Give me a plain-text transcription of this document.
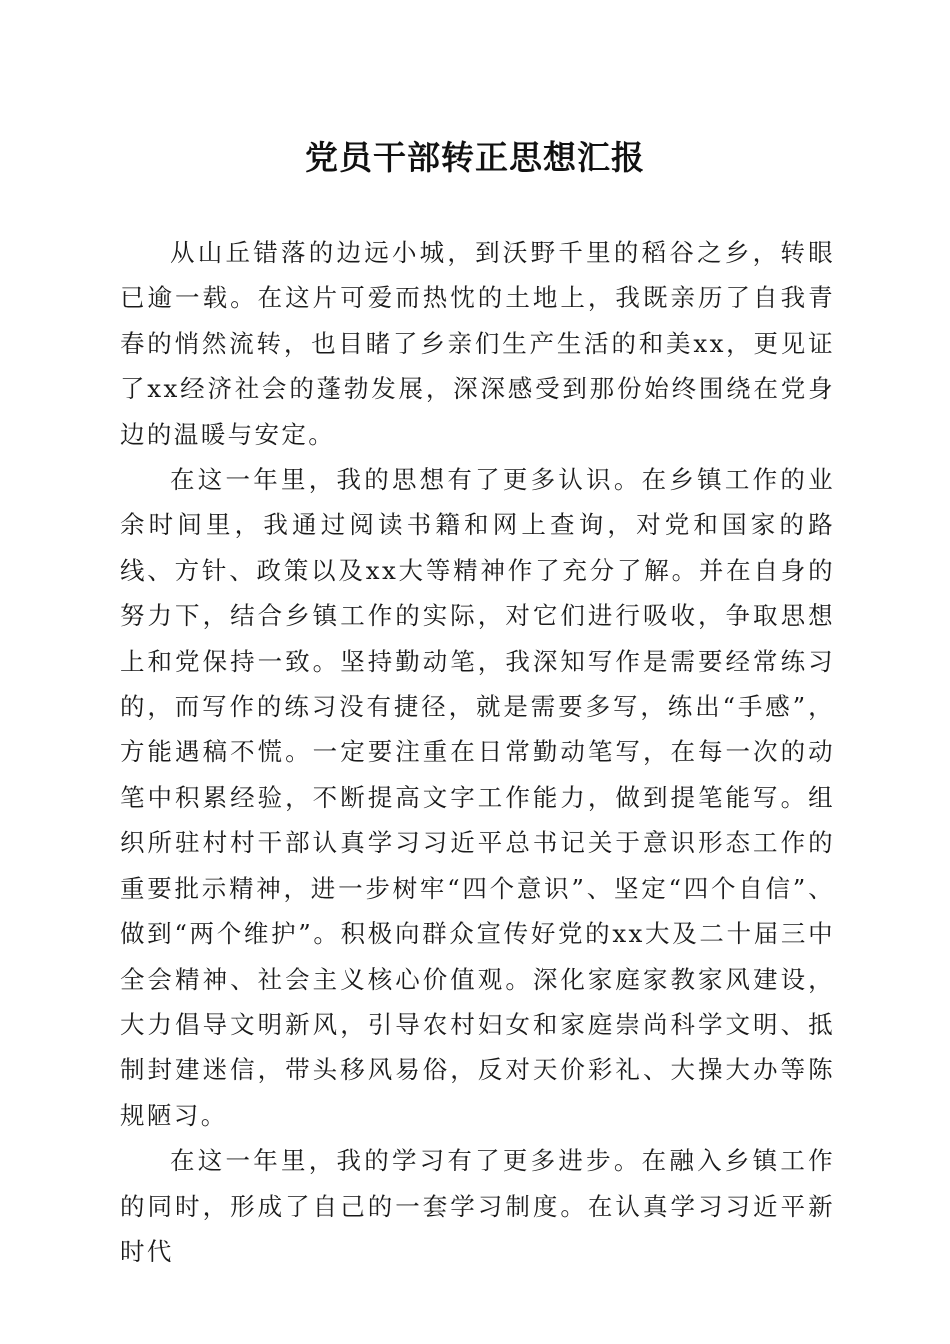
党员干部转正思想汇报

从山丘错落的边远小城，到沃野千里的稻谷之乡，转眼已逾一载。在这片可爱而热忱的土地上，我既亲历了自我青春的悄然流转，也目睹了乡亲们生产生活的和美xx，更见证了xx经济社会的蓬勃发展，深深感受到那份始终围绕在党身边的温暖与安定。

在这一年里，我的思想有了更多认识。在乡镇工作的业余时间里，我通过阅读书籍和网上查询，对党和国家的路线、方针、政策以及xx大等精神作了充分了解。并在自身的努力下，结合乡镇工作的实际，对它们进行吸收，争取思想上和党保持一致。坚持勤动笔，我深知写作是需要经常练习的，而写作的练习没有捷径，就是需要多写，练出“手感”，方能遇稿不慌。一定要注重在日常勤动笔写，在每一次的动笔中积累经验，不断提高文字工作能力，做到提笔能写。组织所驻村村干部认真学习习近平总书记关于意识形态工作的重要批示精神，进一步树牢“四个意识”、坚定“四个自信”、做到“两个维护”。积极向群众宣传好党的xx大及二十届三中全会精神、社会主义核心价值观。深化家庭家教家风建设，大力倡导文明新风，引导农村妇女和家庭崇尚科学文明、抵制封建迷信，带头移风易俗，反对天价彩礼、大操大办等陈规陋习。

在这一年里，我的学习有了更多进步。在融入乡镇工作的同时，形成了自己的一套学习制度。在认真学习习近平新时代
